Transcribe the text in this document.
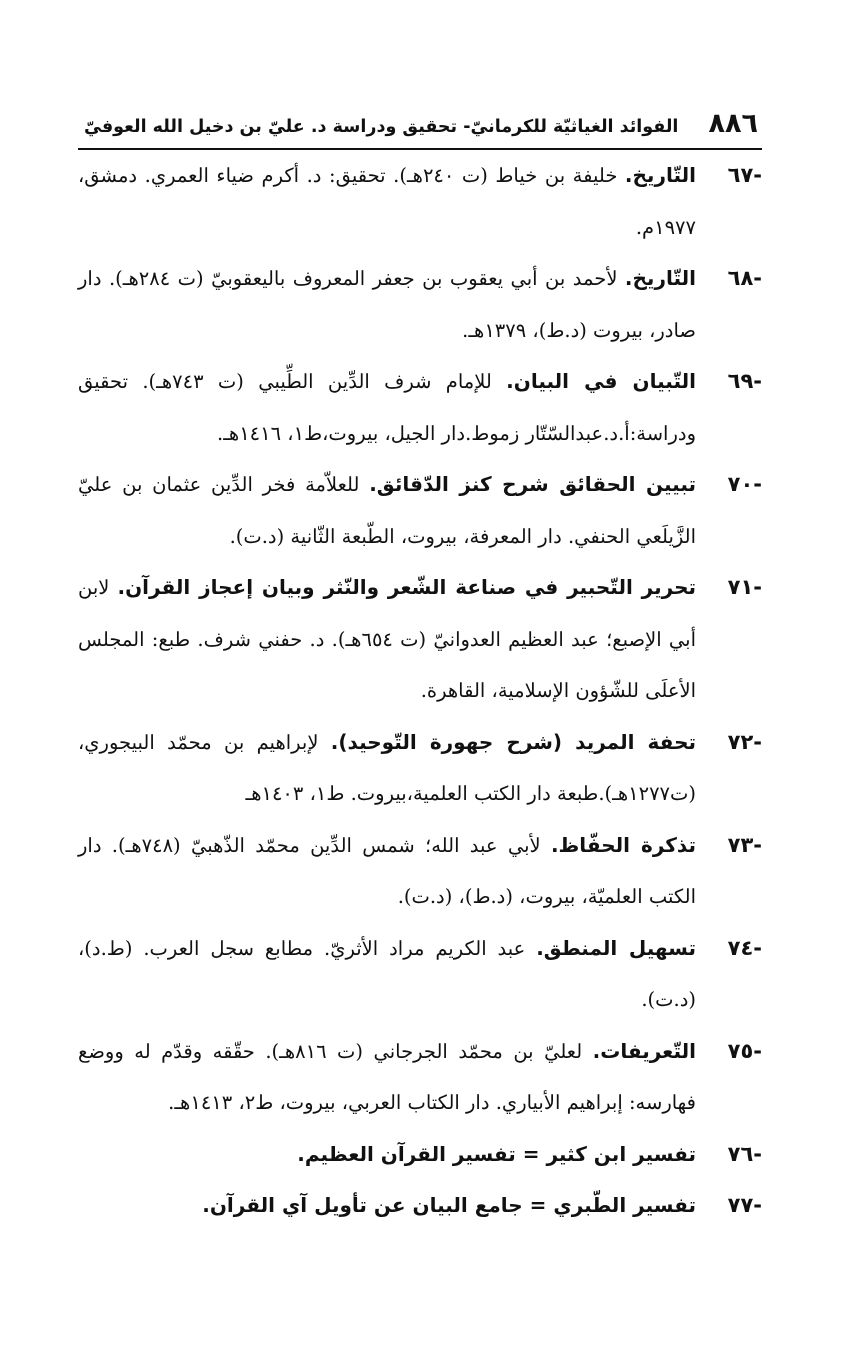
٨٨٦
الفوائد الغياثيّة للكرمانيّ- تحقيق ودراسة د. عليّ بن دخيل الله العوفيّ
-٦٧
التّاريخ. خليفة بن خياط (ت ٢٤٠هـ). تحقيق: د. أكرم ضياء العمري. دمشق، ١٩٧٧م.
-٦٨
التّاريخ. لأحمد بن أبي يعقوب بن جعفر المعروف باليعقوبيّ (ت ٢٨٤هـ). دار صادر، بيروت (د.ط)، ١٣٧٩هـ.
-٦٩
التّبيان في البيان. للإمام شرف الدِّين الطِّيبي (ت ٧٤٣هـ). تحقيق ودراسة:أ.د.عبدالسّتّار زموط.دار الجيل، بيروت،ط١، ١٤١٦هـ.
-٧٠
تبيين الحقائق شرح كنز الدّقائق. للعلاّمة فخر الدِّين عثمان بن عليّ الزَّيلَعي الحنفي. دار المعرفة، بيروت، الطّبعة الثّانية (د.ت).
-٧١
تحرير التّحبير في صناعة الشّعر والنّثر وبيان إعجاز القرآن. لابن أبي الإصبع؛ عبد العظيم العدوانيّ (ت ٦٥٤هـ). د. حفني شرف. طبع: المجلس الأعلَى للشّؤون الإسلامية، القاهرة.
-٧٢
تحفة المريد (شرح جهورة التّوحيد). لإبراهيم بن محمّد البيجوري، (ت١٢٧٧هـ).طبعة دار الكتب العلمية،بيروت. ط١، ١٤٠٣هـ
-٧٣
تذكرة الحفّاظ. لأبي عبد الله؛ شمس الدِّين محمّد الذّهبيّ (٧٤٨هـ). دار الكتب العلميّة، بيروت، (د.ط)، (د.ت).
-٧٤
تسهيل المنطق. عبد الكريم مراد الأثريّ. مطابع سجل العرب. (ط.د)، (د.ت).
-٧٥
التّعريفات. لعليّ بن محمّد الجرجاني (ت ٨١٦هـ). حقّقه وقدّم له ووضع فهارسه: إبراهيم الأبياري. دار الكتاب العربي، بيروت، ط٢، ١٤١٣هـ.
-٧٦
تفسير ابن كثير = تفسير القرآن العظيم.
-٧٧
تفسير الطّبري = جامع البيان عن تأويل آي القرآن.
